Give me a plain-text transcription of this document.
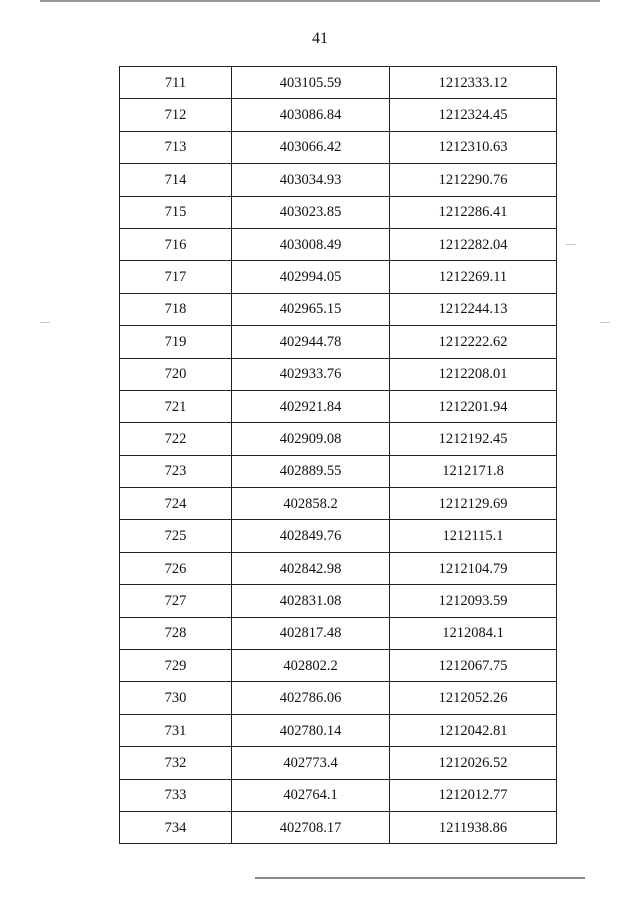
41
711	403105.59	1212333.12
712	403086.84	1212324.45
713	403066.42	1212310.63
714	403034.93	1212290.76
715	403023.85	1212286.41
716	403008.49	1212282.04
717	402994.05	1212269.11
718	402965.15	1212244.13
719	402944.78	1212222.62
720	402933.76	1212208.01
721	402921.84	1212201.94
722	402909.08	1212192.45
723	402889.55	1212171.8
724	402858.2	1212129.69
725	402849.76	1212115.1
726	402842.98	1212104.79
727	402831.08	1212093.59
728	402817.48	1212084.1
729	402802.2	1212067.75
730	402786.06	1212052.26
731	402780.14	1212042.81
732	402773.4	1212026.52
733	402764.1	1212012.77
734	402708.17	1211938.86
